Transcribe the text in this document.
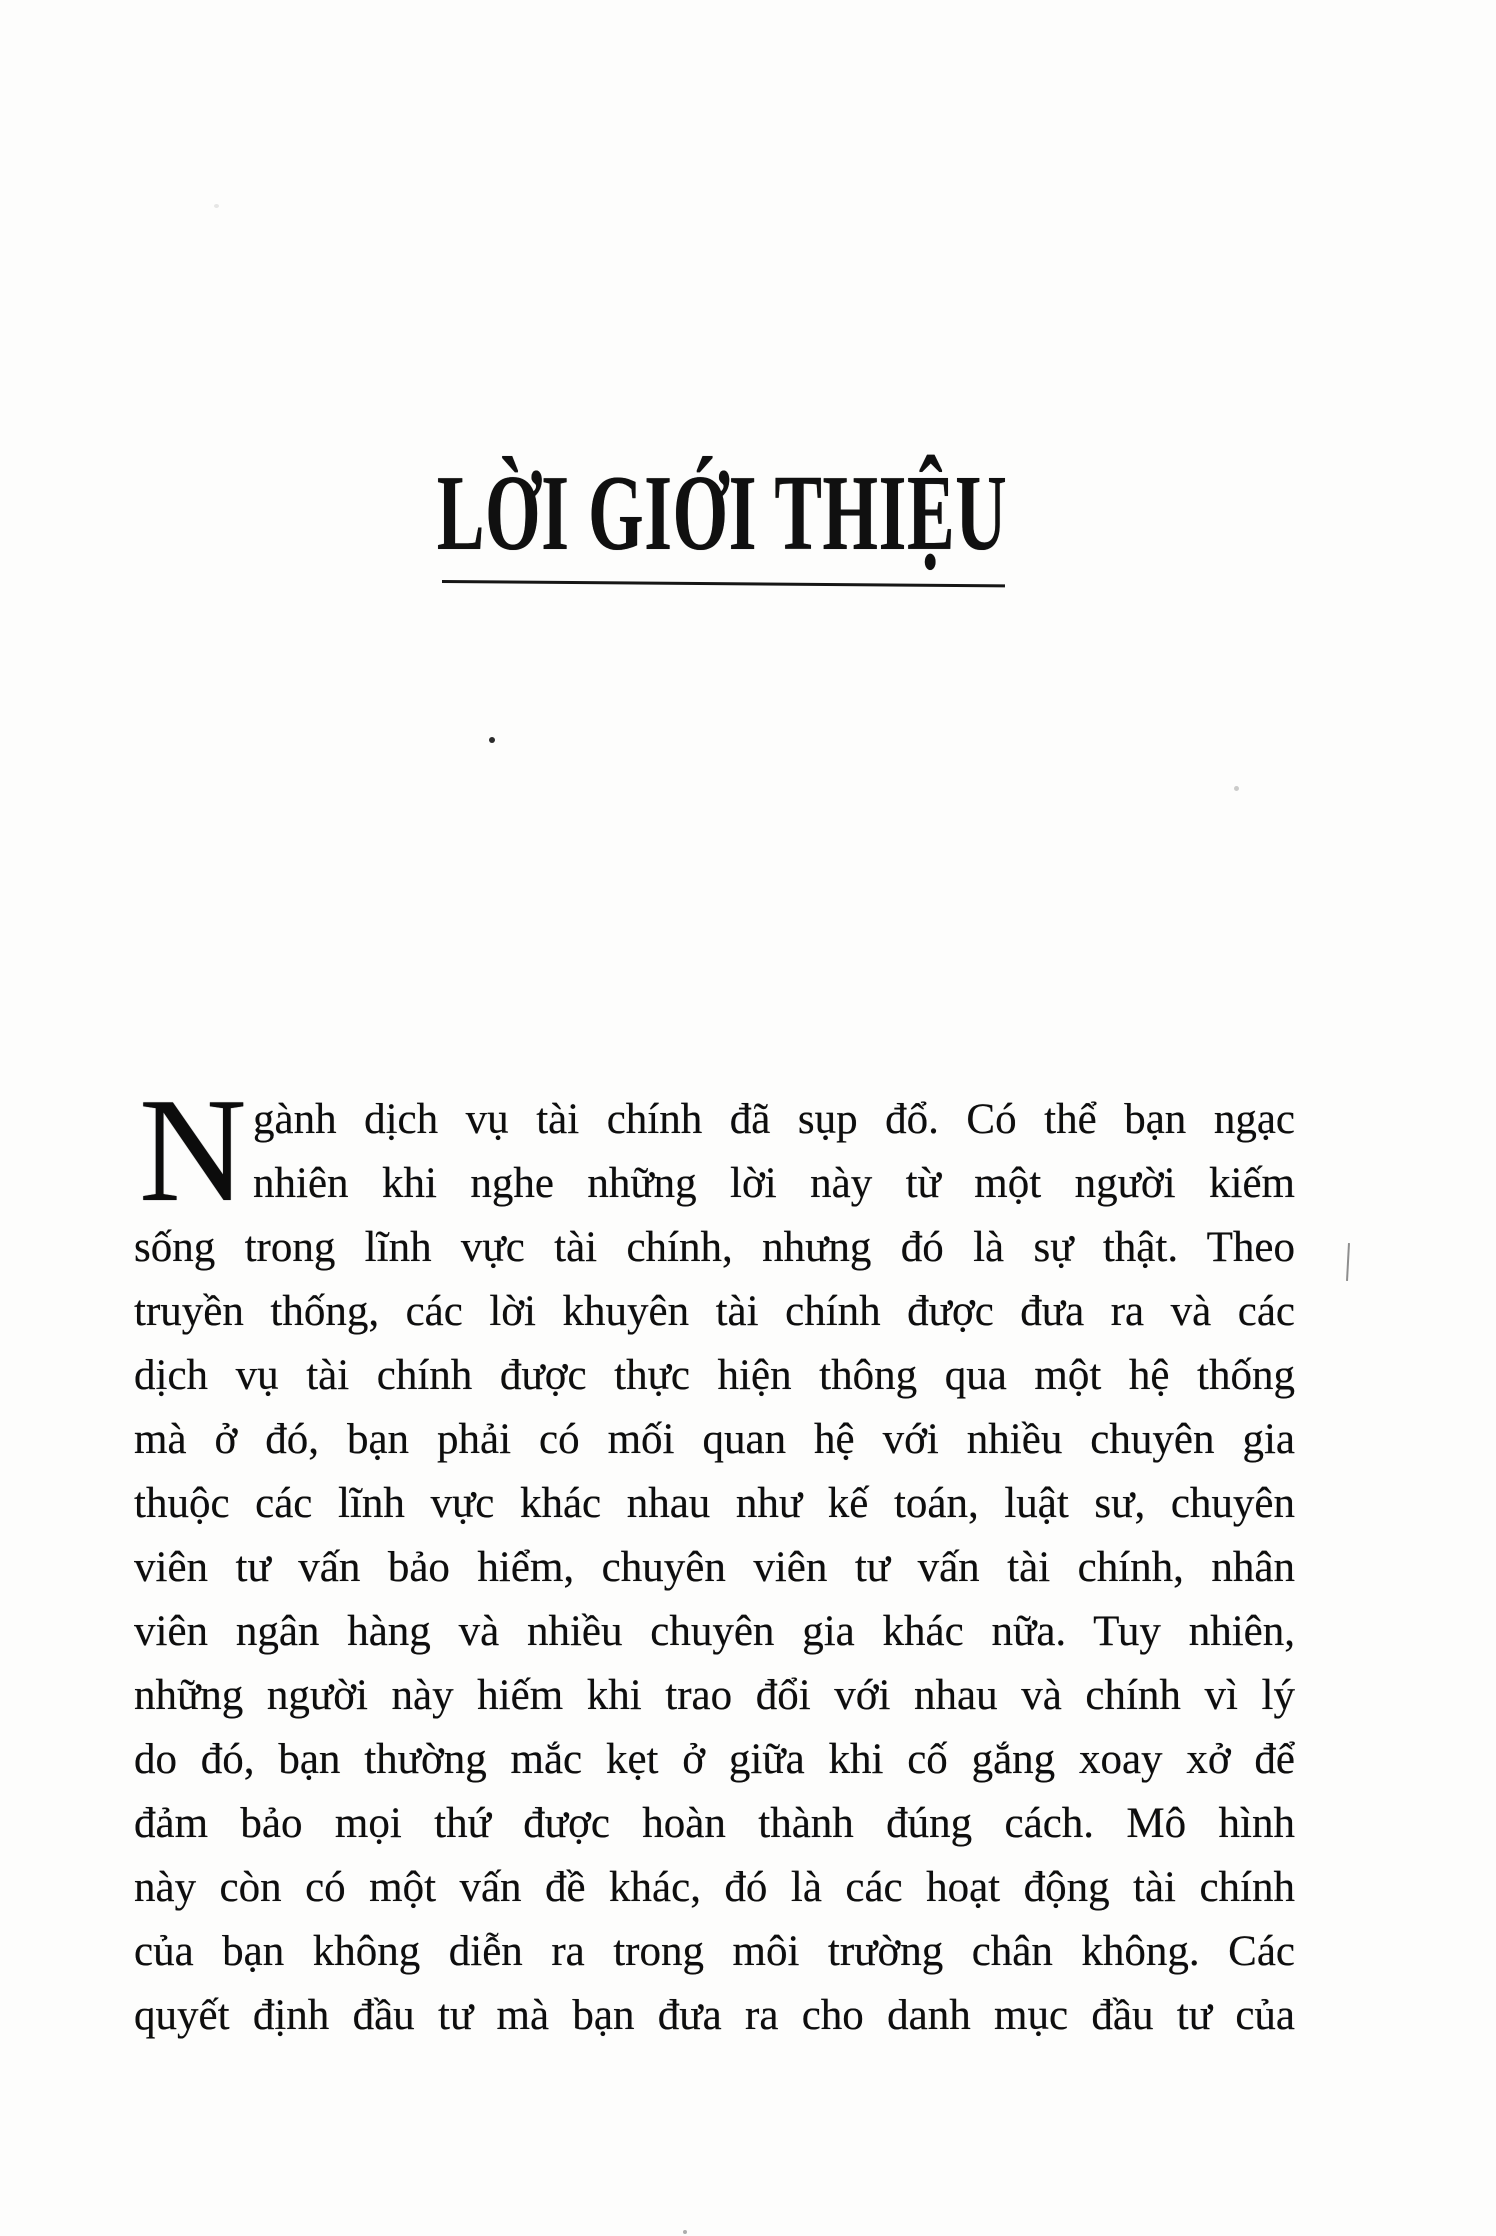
LỜI GIỚI THIỆU
N gành dịch vụ tài chính đã sụp đổ. Có thể bạn ngạc

nhiên khi nghe những lời này từ một người kiếm

sống trong lĩnh vực tài chính, nhưng đó là sự thật. Theo

truyền thống, các lời khuyên tài chính được đưa ra và các

dịch vụ tài chính được thực hiện thông qua một hệ thống

mà ở đó, bạn phải có mối quan hệ với nhiều chuyên gia

thuộc các lĩnh vực khác nhau như kế toán, luật sư, chuyên

viên tư vấn bảo hiểm, chuyên viên tư vấn tài chính, nhân

viên ngân hàng và nhiều chuyên gia khác nữa. Tuy nhiên,

những người này hiếm khi trao đổi với nhau và chính vì lý

do đó, bạn thường mắc kẹt ở giữa khi cố gắng xoay xở để

đảm bảo mọi thứ được hoàn thành đúng cách. Mô hình

này còn có một vấn đề khác, đó là các hoạt động tài chính

của bạn không diễn ra trong môi trường chân không. Các

quyết định đầu tư mà bạn đưa ra cho danh mục đầu tư của
